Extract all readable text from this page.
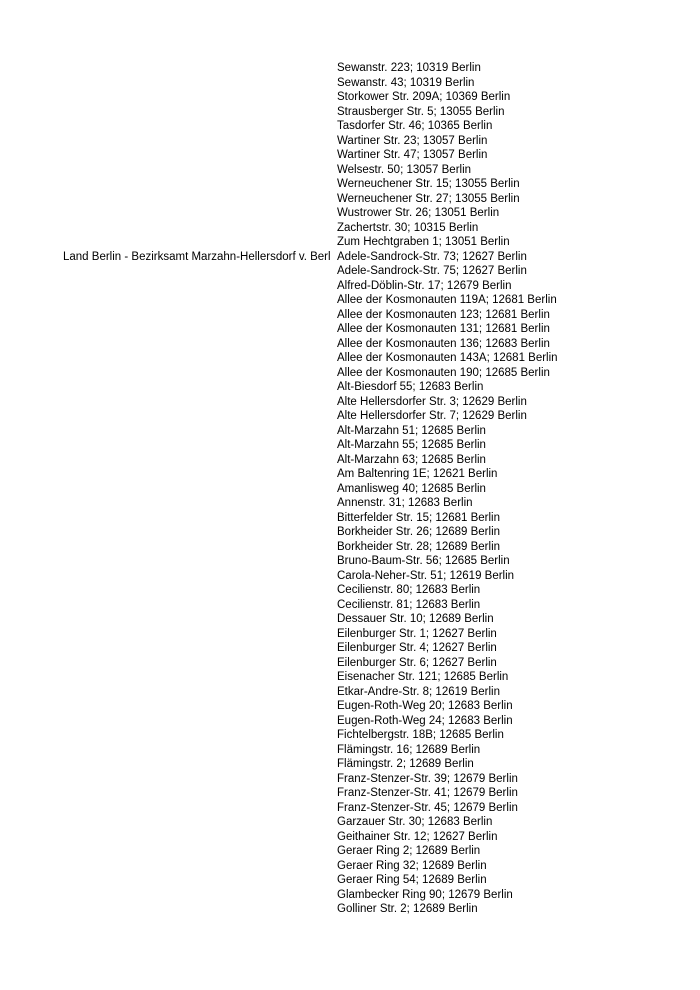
Sewanstr. 223; 10319 Berlin
Sewanstr. 43; 10319 Berlin
Storkower Str. 209A; 10369 Berlin
Strausberger Str. 5; 13055 Berlin
Tasdorfer Str. 46; 10365 Berlin
Wartiner Str. 23; 13057 Berlin
Wartiner Str. 47; 13057 Berlin
Welsestr. 50; 13057 Berlin
Werneuchener Str. 15; 13055 Berlin
Werneuchener Str. 27; 13055 Berlin
Wustrower Str. 26; 13051 Berlin
Zachertstr. 30; 10315 Berlin
Zum Hechtgraben 1; 13051 Berlin
Land Berlin - Bezirksamt Marzahn-Hellersdorf v. Berl Adele-Sandrock-Str. 73; 12627 Berlin
Adele-Sandrock-Str. 75; 12627 Berlin
Alfred-Döblin-Str. 17; 12679 Berlin
Allee der Kosmonauten 119A; 12681 Berlin
Allee der Kosmonauten 123; 12681 Berlin
Allee der Kosmonauten 131; 12681 Berlin
Allee der Kosmonauten 136; 12683 Berlin
Allee der Kosmonauten 143A; 12681 Berlin
Allee der Kosmonauten 190; 12685 Berlin
Alt-Biesdorf 55; 12683 Berlin
Alte Hellersdorfer Str. 3; 12629 Berlin
Alte Hellersdorfer Str. 7; 12629 Berlin
Alt-Marzahn 51; 12685 Berlin
Alt-Marzahn 55; 12685 Berlin
Alt-Marzahn 63; 12685 Berlin
Am Baltenring 1E; 12621 Berlin
Amanlisweg 40; 12685 Berlin
Annenstr. 31; 12683 Berlin
Bitterfelder Str. 15; 12681 Berlin
Borkheider Str. 26; 12689 Berlin
Borkheider Str. 28; 12689 Berlin
Bruno-Baum-Str. 56; 12685 Berlin
Carola-Neher-Str. 51; 12619 Berlin
Cecilienstr. 80; 12683 Berlin
Cecilienstr. 81; 12683 Berlin
Dessauer Str. 10; 12689 Berlin
Eilenburger Str. 1; 12627 Berlin
Eilenburger Str. 4; 12627 Berlin
Eilenburger Str. 6; 12627 Berlin
Eisenacher Str. 121; 12685 Berlin
Etkar-Andre-Str. 8; 12619 Berlin
Eugen-Roth-Weg 20; 12683 Berlin
Eugen-Roth-Weg 24; 12683 Berlin
Fichtelbergstr. 18B; 12685 Berlin
Flämingstr. 16; 12689 Berlin
Flämingstr. 2; 12689 Berlin
Franz-Stenzer-Str. 39; 12679 Berlin
Franz-Stenzer-Str. 41; 12679 Berlin
Franz-Stenzer-Str. 45; 12679 Berlin
Garzauer Str. 30; 12683 Berlin
Geithainer Str. 12; 12627 Berlin
Geraer Ring 2; 12689 Berlin
Geraer Ring 32; 12689 Berlin
Geraer Ring 54; 12689 Berlin
Glambecker Ring 90; 12679 Berlin
Golliner Str. 2; 12689 Berlin
